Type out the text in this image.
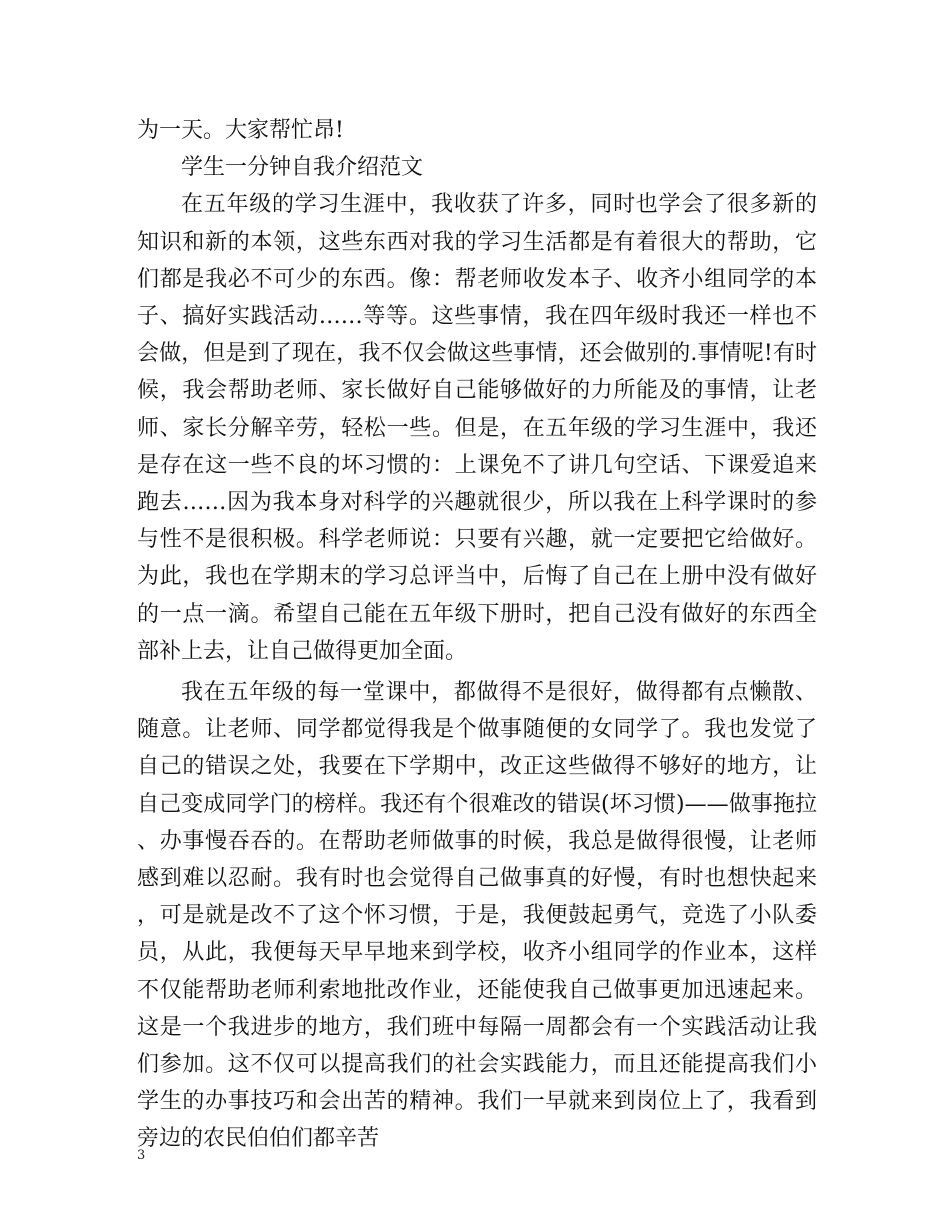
为一天。大家帮忙昂!

学生一分钟自我介绍范文

在五年级的学习生涯中，我收获了许多，同时也学会了很多新的知识和新的本领，这些东西对我的学习生活都是有着很大的帮助，它们都是我必不可少的东西。像：帮老师收发本子、收齐小组同学的本子、搞好实践活动……等等。这些事情，我在四年级时我还一样也不会做，但是到了现在，我不仅会做这些事情，还会做别的.事情呢!有时候，我会帮助老师、家长做好自己能够做好的力所能及的事情，让老师、家长分解辛劳，轻松一些。但是，在五年级的学习生涯中，我还是存在这一些不良的坏习惯的：上课免不了讲几句空话、下课爱追来跑去……因为我本身对科学的兴趣就很少，所以我在上科学课时的参与性不是很积极。科学老师说：只要有兴趣，就一定要把它给做好。为此，我也在学期末的学习总评当中，后悔了自己在上册中没有做好的一点一滴。希望自己能在五年级下册时，把自己没有做好的东西全部补上去，让自己做得更加全面。

我在五年级的每一堂课中，都做得不是很好，做得都有点懒散、随意。让老师、同学都觉得我是个做事随便的女同学了。我也发觉了自己的错误之处，我要在下学期中，改正这些做得不够好的地方，让自己变成同学门的榜样。我还有个很难改的错误(坏习惯)——做事拖拉、办事慢吞吞的。在帮助老师做事的时候，我总是做得很慢，让老师感到难以忍耐。我有时也会觉得自己做事真的好慢，有时也想快起来，可是就是改不了这个怀习惯，于是，我便鼓起勇气，竞选了小队委员，从此，我便每天早早地来到学校，收齐小组同学的作业本，这样不仅能帮助老师利索地批改作业，还能使我自己做事更加迅速起来。这是一个我进步的地方，我们班中每隔一周都会有一个实践活动让我们参加。这不仅可以提高我们的社会实践能力，而且还能提高我们小学生的办事技巧和会出苦的精神。我们一早就来到岗位上了，我看到旁边的农民伯伯们都辛苦

3
